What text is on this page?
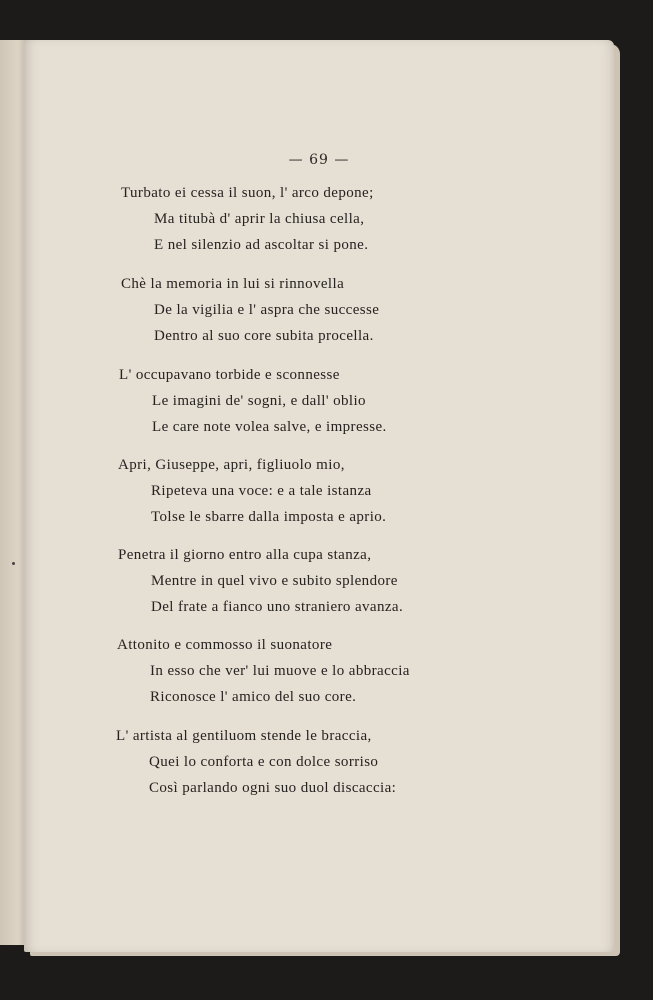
— 69 —
Turbato ei cessa il suon, l' arco depone;
Ma titubà d' aprir la chiusa cella,
E nel silenzio ad ascoltar si pone.
Chè la memoria in lui si rinnovella
De la vigilia e l' aspra che successe
Dentro al suo core subita procella.
L' occupavano torbide e sconnesse
Le imagini de' sogni, e dall' oblio
Le care note volea salve, e impresse.
Apri, Giuseppe, apri, figliuolo mio,
Ripeteva una voce: e a tale istanza
Tolse le sbarre dalla imposta e aprio.
Penetra il giorno entro alla cupa stanza,
Mentre in quel vivo e subito splendore
Del frate a fianco uno straniero avanza.
Attonito e commosso il suonatore
In esso che ver' lui muove e lo abbraccia
Riconosce l' amico del suo core.
L' artista al gentiluom stende le braccia,
Quei lo conforta e con dolce sorriso
Così parlando ogni suo duol discaccia:
